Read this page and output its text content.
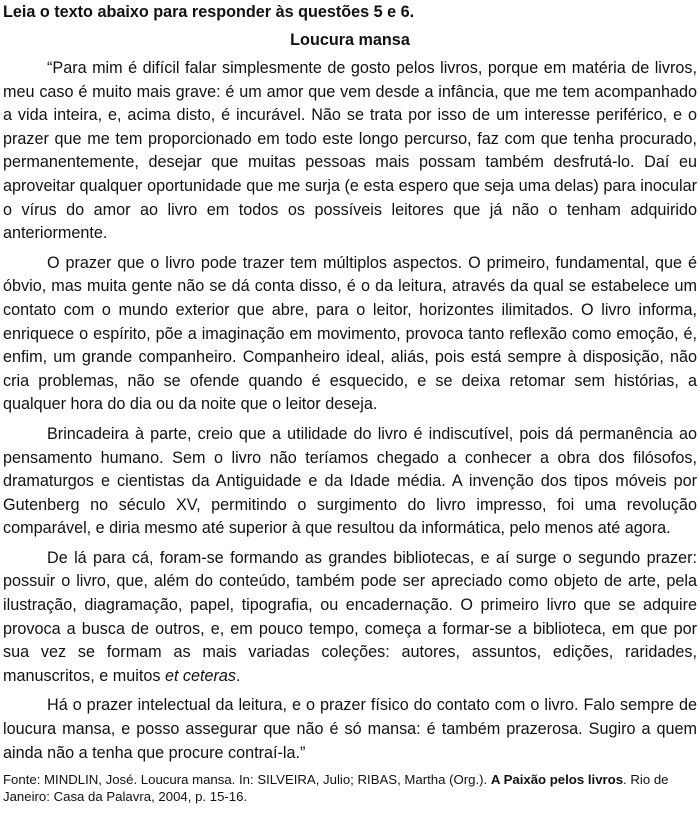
Leia o texto abaixo para responder às questões 5 e 6.

Loucura mansa

“Para mim é difícil falar simplesmente de gosto pelos livros, porque em matéria de livros, meu caso é muito mais grave: é um amor que vem desde a infância, que me tem acompanhado a vida inteira, e, acima disto, é incurável. Não se trata por isso de um interesse periférico, e o prazer que me tem proporcionado em todo este longo percurso, faz com que tenha procurado, permanentemente, desejar que muitas pessoas mais possam também desfrutá-lo. Daí eu aproveitar qualquer oportunidade que me surja (e esta espero que seja uma delas) para inocular o vírus do amor ao livro em todos os possíveis leitores que já não o tenham adquirido anteriormente.

O prazer que o livro pode trazer tem múltiplos aspectos. O primeiro, fundamental, que é óbvio, mas muita gente não se dá conta disso, é o da leitura, através da qual se estabelece um contato com o mundo exterior que abre, para o leitor, horizontes ilimitados. O livro informa, enriquece o espírito, põe a imaginação em movimento, provoca tanto reflexão como emoção, é, enfim, um grande companheiro. Companheiro ideal, aliás, pois está sempre à disposição, não cria problemas, não se ofende quando é esquecido, e se deixa retomar sem histórias, a qualquer hora do dia ou da noite que o leitor deseja.

Brincadeira à parte, creio que a utilidade do livro é indiscutível, pois dá permanência ao pensamento humano. Sem o livro não teríamos chegado a conhecer a obra dos filósofos, dramaturgos e cientistas da Antiguidade e da Idade média. A invenção dos tipos móveis por Gutenberg no século XV, permitindo o surgimento do livro impresso, foi uma revolução comparável, e diria mesmo até superior à que resultou da informática, pelo menos até agora.

De lá para cá, foram-se formando as grandes bibliotecas, e aí surge o segundo prazer: possuir o livro, que, além do conteúdo, também pode ser apreciado como objeto de arte, pela ilustração, diagramação, papel, tipografia, ou encadernação. O primeiro livro que se adquire provoca a busca de outros, e, em pouco tempo, começa a formar-se a biblioteca, em que por sua vez se formam as mais variadas coleções: autores, assuntos, edições, raridades, manuscritos, e muitos et ceteras.

Há o prazer intelectual da leitura, e o prazer físico do contato com o livro. Falo sempre de loucura mansa, e posso assegurar que não é só mansa: é também prazerosa. Sugiro a quem ainda não a tenha que procure contraí-la.”

Fonte: MINDLIN, José. Loucura mansa. In: SILVEIRA, Julio; RIBAS, Martha (Org.). A Paixão pelos livros. Rio de Janeiro: Casa da Palavra, 2004, p. 15-16.
